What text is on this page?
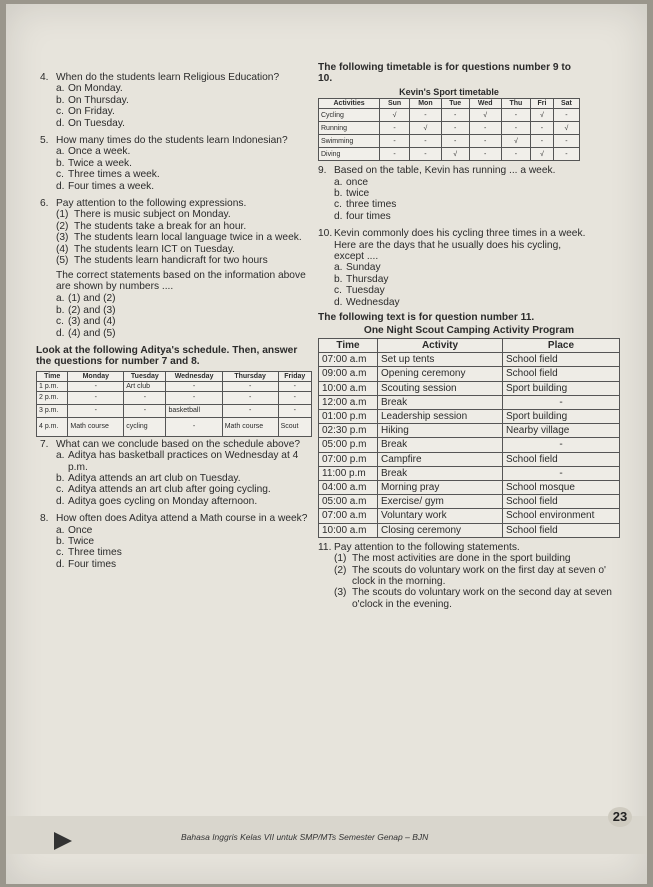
4. When do the students learn Religious Education?
a. On Monday.
b. On Thursday.
c. On Friday.
d. On Tuesday.
5. How many times do the students learn Indonesian?
a. Once a week.
b. Twice a week.
c. Three times a week.
d. Four times a week.
6. Pay attention to the following expressions.
(1) There is music subject on Monday.
(2) The students take a break for an hour.
(3) The students learn local language twice in a week.
(4) The students learn ICT on Tuesday.
(5) The students learn handicraft for two hours
The correct statements based on the information above are shown by numbers ....
a. (1) and (2)
b. (2) and (3)
c. (3) and (4)
d. (4) and (5)
Look at the following Aditya's schedule. Then, answer the questions for number 7 and 8.
Time	Monday	Tuesday	Wednesday	Thursday	Friday
1 p.m.	-	Art club	-	-	-
2 p.m.	-	-	-	-	-
3 p.m.	-	-	basketball	-	-
4 p.m.	Math course	cycling	-	Math course	Scout
7. What can we conclude based on the schedule above?
a. Aditya has basketball practices on Wednesday at 4 p.m.
b. Aditya attends an art club on Tuesday.
c. Aditya attends an art club after going cycling.
d. Aditya goes cycling on Monday afternoon.
8. How often does Aditya attend a Math course in a week?
a. Once
b. Twice
c. Three times
d. Four times
The following timetable is for questions number 9 to 10.
Kevin's Sport timetable
Activities	Sun	Mon	Tue	Wed	Thu	Fri	Sat
Cycling	√	-	-	√	-	√	-
Running	-	√	-	-	-	-	√
Swimming	-	-	-	-	√	-	-
Diving	-	-	√	-	-	√	-
9. Based on the table, Kevin has running ... a week.
a. once
b. twice
c. three times
d. four times
10. Kevin commonly does his cycling three times in a week. Here are the days that he usually does his cycling, except ....
a. Sunday
b. Thursday
c. Tuesday
d. Wednesday
The following text is for question number 11.
One Night Scout Camping Activity Program
Time	Activity	Place
07:00 a.m	Set up tents	School field
09:00 a.m	Opening ceremony	School field
10:00 a.m	Scouting session	Sport building
12:00 a.m	Break	-
01:00 p.m	Leadership session	Sport building
02:30 p.m	Hiking	Nearby village
05:00 p.m	Break	-
07:00 p.m	Campfire	School field
11:00 p.m	Break	-
04:00 a.m	Morning pray	School mosque
05:00 a.m	Exercise/ gym	School field
07:00 a.m	Voluntary work	School environment
10:00 a.m	Closing ceremony	School field
11. Pay attention to the following statements.
(1) The most activities are done in the sport building
(2) The scouts do voluntary work on the first day at seven o' clock in the morning.
(3) The scouts do voluntary work on the second day at seven o'clock in the evening.
Bahasa Inggris Kelas VII untuk SMP/MTs Semester Genap – BJN
23
